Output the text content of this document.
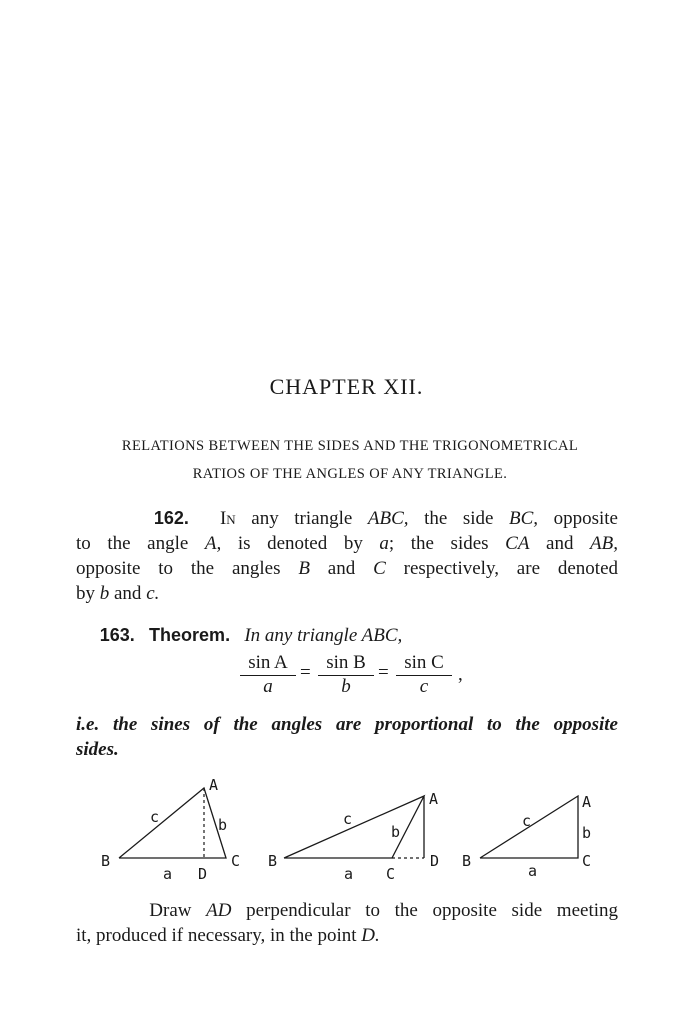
CHAPTER XII.
RELATIONS BETWEEN THE SIDES AND THE TRIGONOMETRICAL
RATIOS OF THE ANGLES OF ANY TRIANGLE.
162. In any triangle ABC, the side BC, opposite
to the angle A, is denoted by a; the sides CA and AB,
opposite to the angles B and C respectively, are denoted
by b and c.
163. Theorem. In any triangle ABC,
sin A
a
= sin B
b
= sin C
c
,
i.e. the sines of the angles are proportional to the opposite
sides.
A
B	C
D
a
b
c
A
B
C
D
a
b
c
A
B	C
a
b
c
Draw AD perpendicular to the opposite side meeting
it, produced if necessary, in the point D.
